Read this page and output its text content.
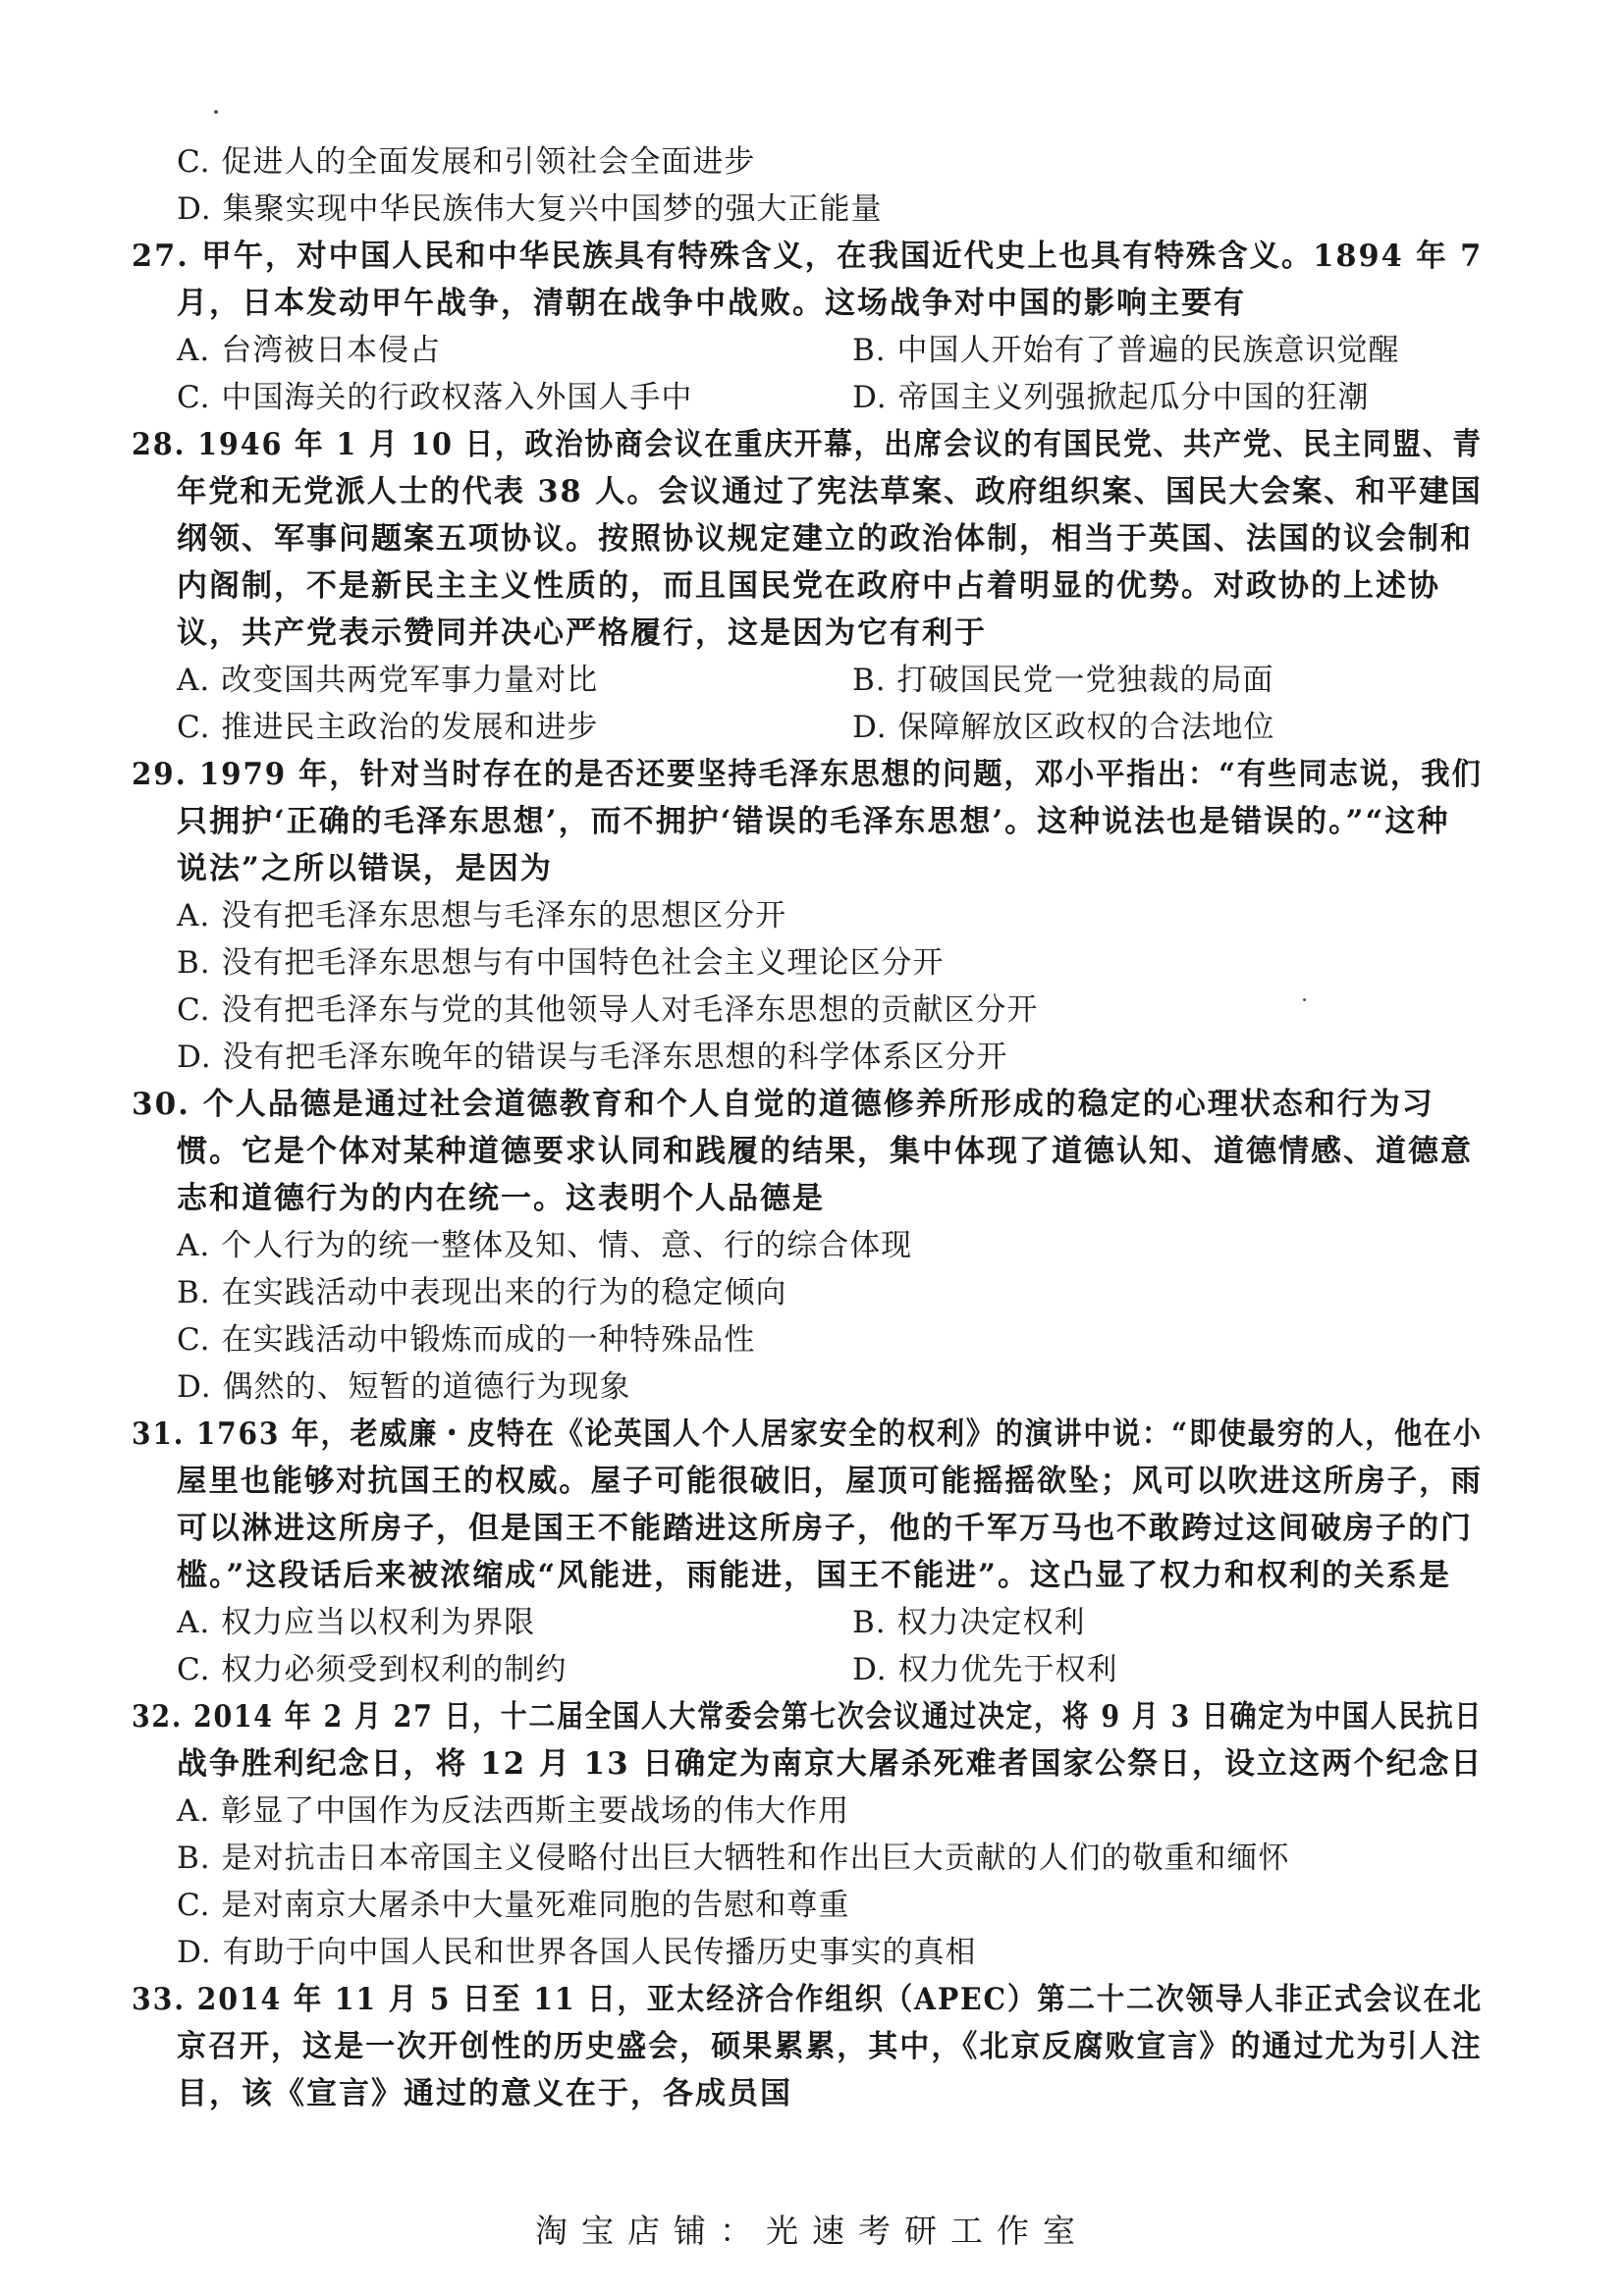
C. 促进人的全面发展和引领社会全面进步
D. 集聚实现中华民族伟大复兴中国梦的强大正能量
27. 甲午，对中国人民和中华民族具有特殊含义，在我国近代史上也具有特殊含义。1894 年 7
月，日本发动甲午战争，清朝在战争中战败。这场战争对中国的影响主要有
A. 台湾被日本侵占	B. 中国人开始有了普遍的民族意识觉醒
C. 中国海关的行政权落入外国人手中	D. 帝国主义列强掀起瓜分中国的狂潮
28. 1946 年 1 月 10 日，政治协商会议在重庆开幕，出席会议的有国民党、共产党、民主同盟、青
年党和无党派人士的代表 38 人。会议通过了宪法草案、政府组织案、国民大会案、和平建国
纲领、军事问题案五项协议。按照协议规定建立的政治体制，相当于英国、法国的议会制和
内阁制，不是新民主主义性质的，而且国民党在政府中占着明显的优势。对政协的上述协
议，共产党表示赞同并决心严格履行，这是因为它有利于
A. 改变国共两党军事力量对比	B. 打破国民党一党独裁的局面
C. 推进民主政治的发展和进步	D. 保障解放区政权的合法地位
29. 1979 年，针对当时存在的是否还要坚持毛泽东思想的问题，邓小平指出：“有些同志说，我们
只拥护‘正确的毛泽东思想’，而不拥护‘错误的毛泽东思想’。这种说法也是错误的。”“这种
说法”之所以错误，是因为
A. 没有把毛泽东思想与毛泽东的思想区分开
B. 没有把毛泽东思想与有中国特色社会主义理论区分开
C. 没有把毛泽东与党的其他领导人对毛泽东思想的贡献区分开
D. 没有把毛泽东晚年的错误与毛泽东思想的科学体系区分开
30. 个人品德是通过社会道德教育和个人自觉的道德修养所形成的稳定的心理状态和行为习
惯。它是个体对某种道德要求认同和践履的结果，集中体现了道德认知、道德情感、道德意
志和道德行为的内在统一。这表明个人品德是
A. 个人行为的统一整体及知、情、意、行的综合体现
B. 在实践活动中表现出来的行为的稳定倾向
C. 在实践活动中锻炼而成的一种特殊品性
D. 偶然的、短暂的道德行为现象
31. 1763 年，老威廉・皮特在《论英国人个人居家安全的权利》的演讲中说：“即使最穷的人，他在小
屋里也能够对抗国王的权威。屋子可能很破旧，屋顶可能摇摇欲坠；风可以吹进这所房子，雨
可以淋进这所房子，但是国王不能踏进这所房子，他的千军万马也不敢跨过这间破房子的门
槛。”这段话后来被浓缩成“风能进，雨能进，国王不能进”。这凸显了权力和权利的关系是
A. 权力应当以权利为界限	B. 权力决定权利
C. 权力必须受到权利的制约	D. 权力优先于权利
32. 2014 年 2 月 27 日，十二届全国人大常委会第七次会议通过决定，将 9 月 3 日确定为中国人民抗日
战争胜利纪念日，将 12 月 13 日确定为南京大屠杀死难者国家公祭日，设立这两个纪念日
A. 彰显了中国作为反法西斯主要战场的伟大作用
B. 是对抗击日本帝国主义侵略付出巨大牺牲和作出巨大贡献的人们的敬重和缅怀
C. 是对南京大屠杀中大量死难同胞的告慰和尊重
D. 有助于向中国人民和世界各国人民传播历史事实的真相
33. 2014 年 11 月 5 日至 11 日，亚太经济合作组织（APEC）第二十二次领导人非正式会议在北
京召开，这是一次开创性的历史盛会，硕果累累，其中，《北京反腐败宣言》的通过尤为引人注
目，该《宣言》通过的意义在于，各成员国
淘宝店铺：光速考研工作室
